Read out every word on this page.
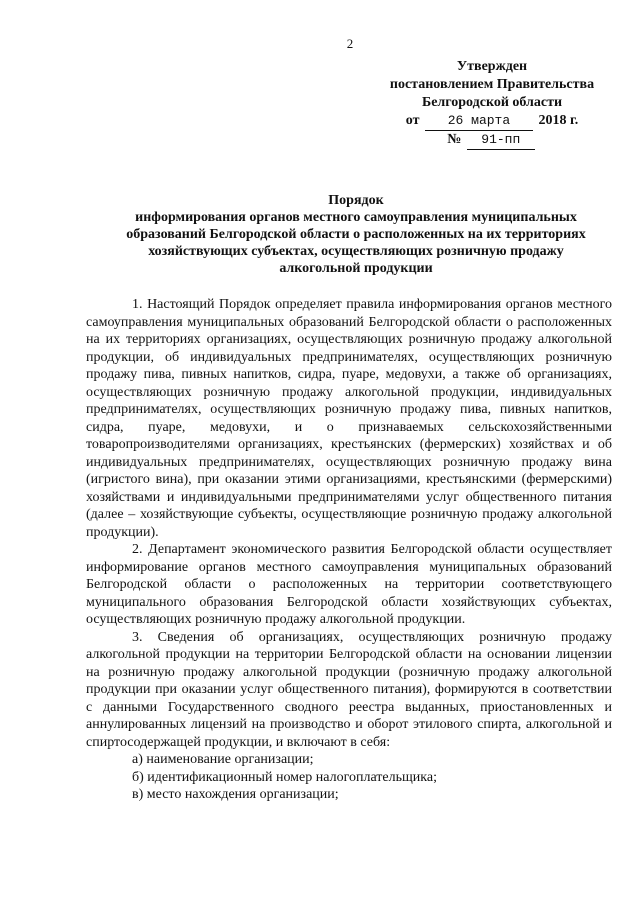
2
Утвержден
постановлением Правительства
Белгородской области
от 26 марта 2018 г.
№ 91-пп
Порядок
информирования органов местного самоуправления муниципальных
образований Белгородской области о расположенных на их территориях
хозяйствующих субъектах, осуществляющих розничную продажу
алкогольной продукции

1. Настоящий Порядок определяет правила информирования органов местного самоуправления муниципальных образований Белгородской области о расположенных на их территориях организациях, осуществляющих розничную продажу алкогольной продукции, об индивидуальных предпринимателях, осуществляющих розничную продажу пива, пивных напитков, сидра, пуаре, медовухи, а также об организациях, осуществляющих розничную продажу алкогольной продукции, индивидуальных предпринимателях, осуществляющих розничную продажу пива, пивных напитков, сидра, пуаре, медовухи, и о признаваемых сельскохозяйственными товаропроизводителями организациях, крестьянских (фермерских) хозяйствах и об индивидуальных предпринимателях, осуществляющих розничную продажу вина (игристого вина), при оказании этими организациями, крестьянскими (фермерскими) хозяйствами и индивидуальными предпринимателями услуг общественного питания (далее – хозяйствующие субъекты, осуществляющие розничную продажу алкогольной продукции).

2. Департамент экономического развития Белгородской области осуществляет информирование органов местного самоуправления муниципальных образований Белгородской области о расположенных на территории соответствующего муниципального образования Белгородской области хозяйствующих субъектах, осуществляющих розничную продажу алкогольной продукции.

3. Сведения об организациях, осуществляющих розничную продажу алкогольной продукции на территории Белгородской области на основании лицензии на розничную продажу алкогольной продукции (розничную продажу алкогольной продукции при оказании услуг общественного питания), формируются в соответствии с данными Государственного сводного реестра выданных, приостановленных и аннулированных лицензий на производство и оборот этилового спирта, алкогольной и спиртосодержащей продукции, и включают в себя:

а) наименование организации;

б) идентификационный номер налогоплательщика;

в) место нахождения организации;
